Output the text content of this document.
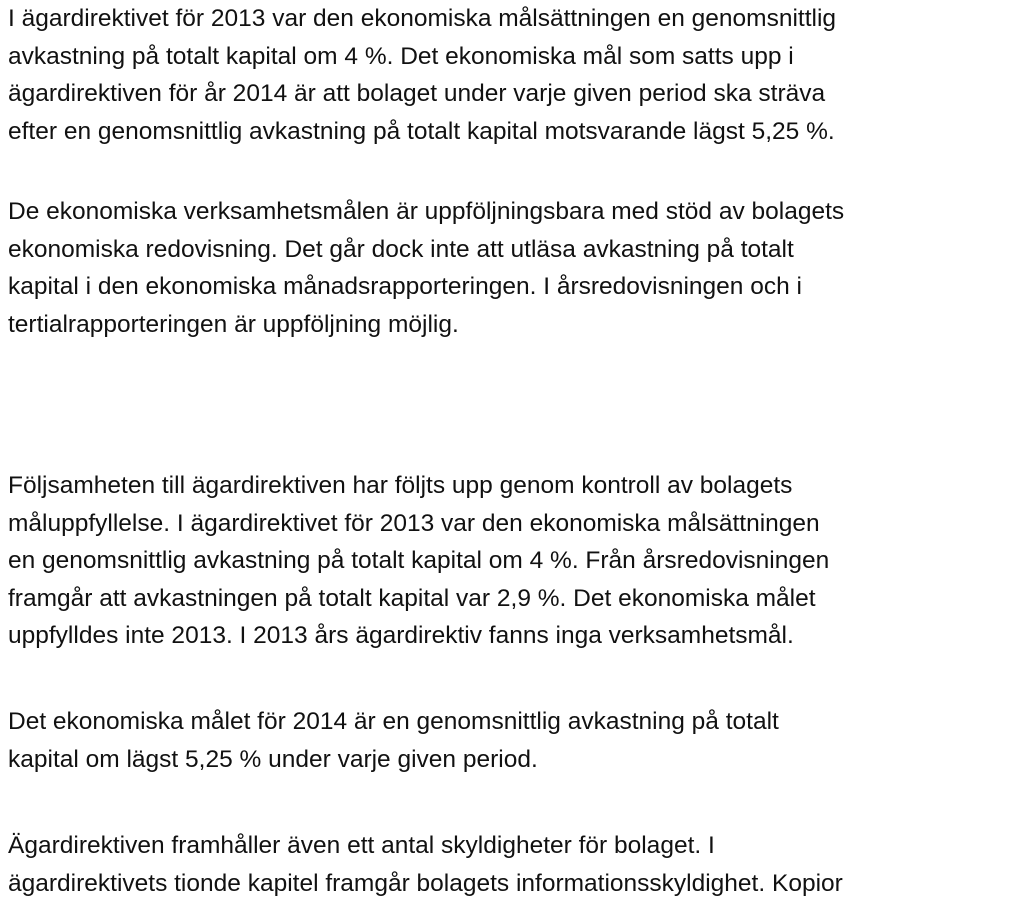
I ägardirektivet för 2013 var den ekonomiska målsättningen en genomsnittlig
avkastning på totalt kapital om 4 %. Det ekonomiska mål som satts upp i
ägardirektiven för år 2014 är att bolaget under varje given period ska sträva
efter en genomsnittlig avkastning på totalt kapital motsvarande lägst 5,25 %.

De ekonomiska verksamhetsmålen är uppföljningsbara med stöd av bolagets
ekonomiska redovisning. Det går dock inte att utläsa avkastning på totalt
kapital i den ekonomiska månadsrapporteringen. I årsredovisningen och i
tertialrapporteringen är uppföljning möjlig.

Följsamheten till ägardirektiven har följts upp genom kontroll av bolagets
måluppfyllelse. I ägardirektivet för 2013 var den ekonomiska målsättningen
en genomsnittlig avkastning på totalt kapital om 4 %. Från årsredovisningen
framgår att avkastningen på totalt kapital var 2,9 %. Det ekonomiska målet
uppfylldes inte 2013. I 2013 års ägardirektiv fanns inga verksamhetsmål.

Det ekonomiska målet för 2014 är en genomsnittlig avkastning på totalt
kapital om lägst 5,25 % under varje given period.

Ägardirektiven framhåller även ett antal skyldigheter för bolaget. I
ägardirektivets tionde kapitel framgår bolagets informationsskyldighet. Kopior
